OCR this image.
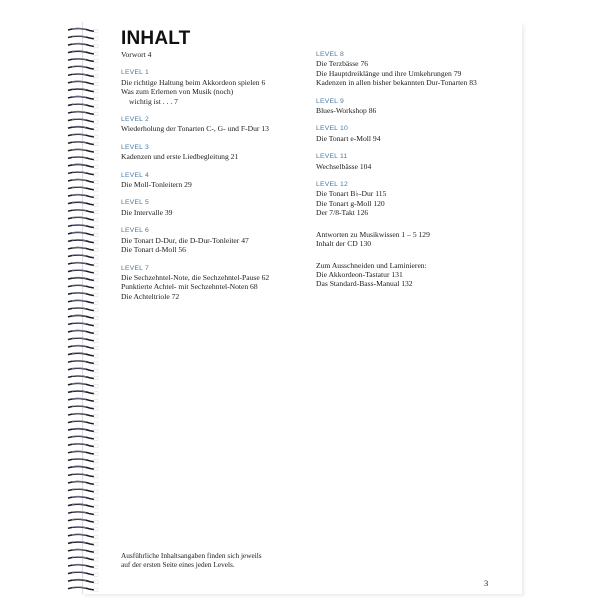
INHALT
Vorwort 4
LEVEL 1
Die richtige Haltung beim Akkordeon spielen 6
Was zum Erlernen von Musik (noch)
wichtig ist . . . 7
LEVEL 2
Wiederholung der Tonarten C-, G- und F-Dur 13
LEVEL 3
Kadenzen und erste Liedbegleitung 21
LEVEL 4
Die Moll-Tonleitern 29
LEVEL 5
Die Intervalle 39
LEVEL 6
Die Tonart D-Dur, die D-Dur-Tonleiter 47
Die Tonart d-Moll 56
LEVEL 7
Die Sechzehntel-Note, die Sechzehntel-Pause 62
Punktierte Achtel- mit Sechzehntel-Noten 68
Die Achteltriole 72
LEVEL 8
Die Terzbässe 76
Die Hauptdreiklänge und ihre Umkehrungen 79
Kadenzen in allen bisher bekannten Dur-Tonarten 83
LEVEL 9
Blues-Workshop 86
LEVEL 10
Die Tonart e-Moll 94
LEVEL 11
Wechselbässe 104
LEVEL 12
Die Tonart B♭-Dur 115
Die Tonart g-Moll 120
Der 7/8-Takt 126
Antworten zu Musikwissen 1 – 5 129
Inhalt der CD 130
Zum Ausschneiden und Laminieren:
Die Akkordeon-Tastatur 131
Das Standard-Bass-Manual 132
Ausführliche Inhaltsangaben finden sich jeweils
auf der ersten Seite eines jeden Levels.
3
